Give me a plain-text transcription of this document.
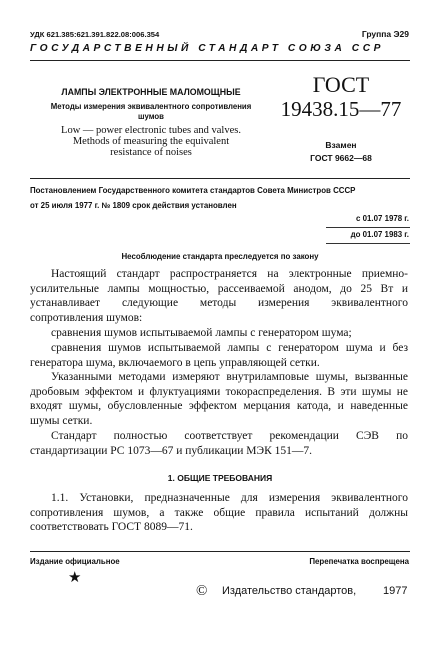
УДК 621.385:621.391.822.08:006.354	Группа Э29
ГОСУДАРСТВЕННЫЙ СТАНДАРТ СОЮЗА ССР
ЛАМПЫ ЭЛЕКТРОННЫЕ МАЛОМОЩНЫЕ
Методы измерения эквивалентного сопротивления
шумов
Low — power electronic tubes and valves.
Methods of measuring the equivalent
resistance of noises
ГОСТ
19438.15—77
Взамен
ГОСТ 9662—68
Постановлением Государственного комитета стандартов Совета Министров СССР
от 25 июля 1977 г. № 1809 срок действия установлен
с 01.07 1978 г.
до 01.07 1983 г.
Несоблюдение стандарта преследуется по закону

Настоящий стандарт распространяется на электронные приемно-усилительные лампы мощностью, рассеиваемой анодом, до 25 Вт и устанавливает следующие методы измерения эквивалентного сопротивления шумов:

сравнения шумов испытываемой лампы с генератором шума;

сравнения шумов испытываемой лампы с генератором шума и без генератора шума, включаемого в цепь управляющей сетки.

Указанными методами измеряют внутриламповые шумы, вызванные дробовым эффектом и флуктуациями токораспределения. В эти шумы не входят шумы, обусловленные эффектом мерцания катода, и наведенные шумы сетки.

Стандарт полностью соответствует рекомендации СЭВ по стандартизации РС 1073—67 и публикации МЭК 151—7.

1. ОБЩИЕ ТРЕБОВАНИЯ

1.1. Установки, предназначенные для измерения эквивалентного сопротивления шумов, а также общие правила испытаний должны соответствовать ГОСТ 8089—71.

Издание официальное	Перепечатка воспрещена
★
© Издательство стандартов, 1977
